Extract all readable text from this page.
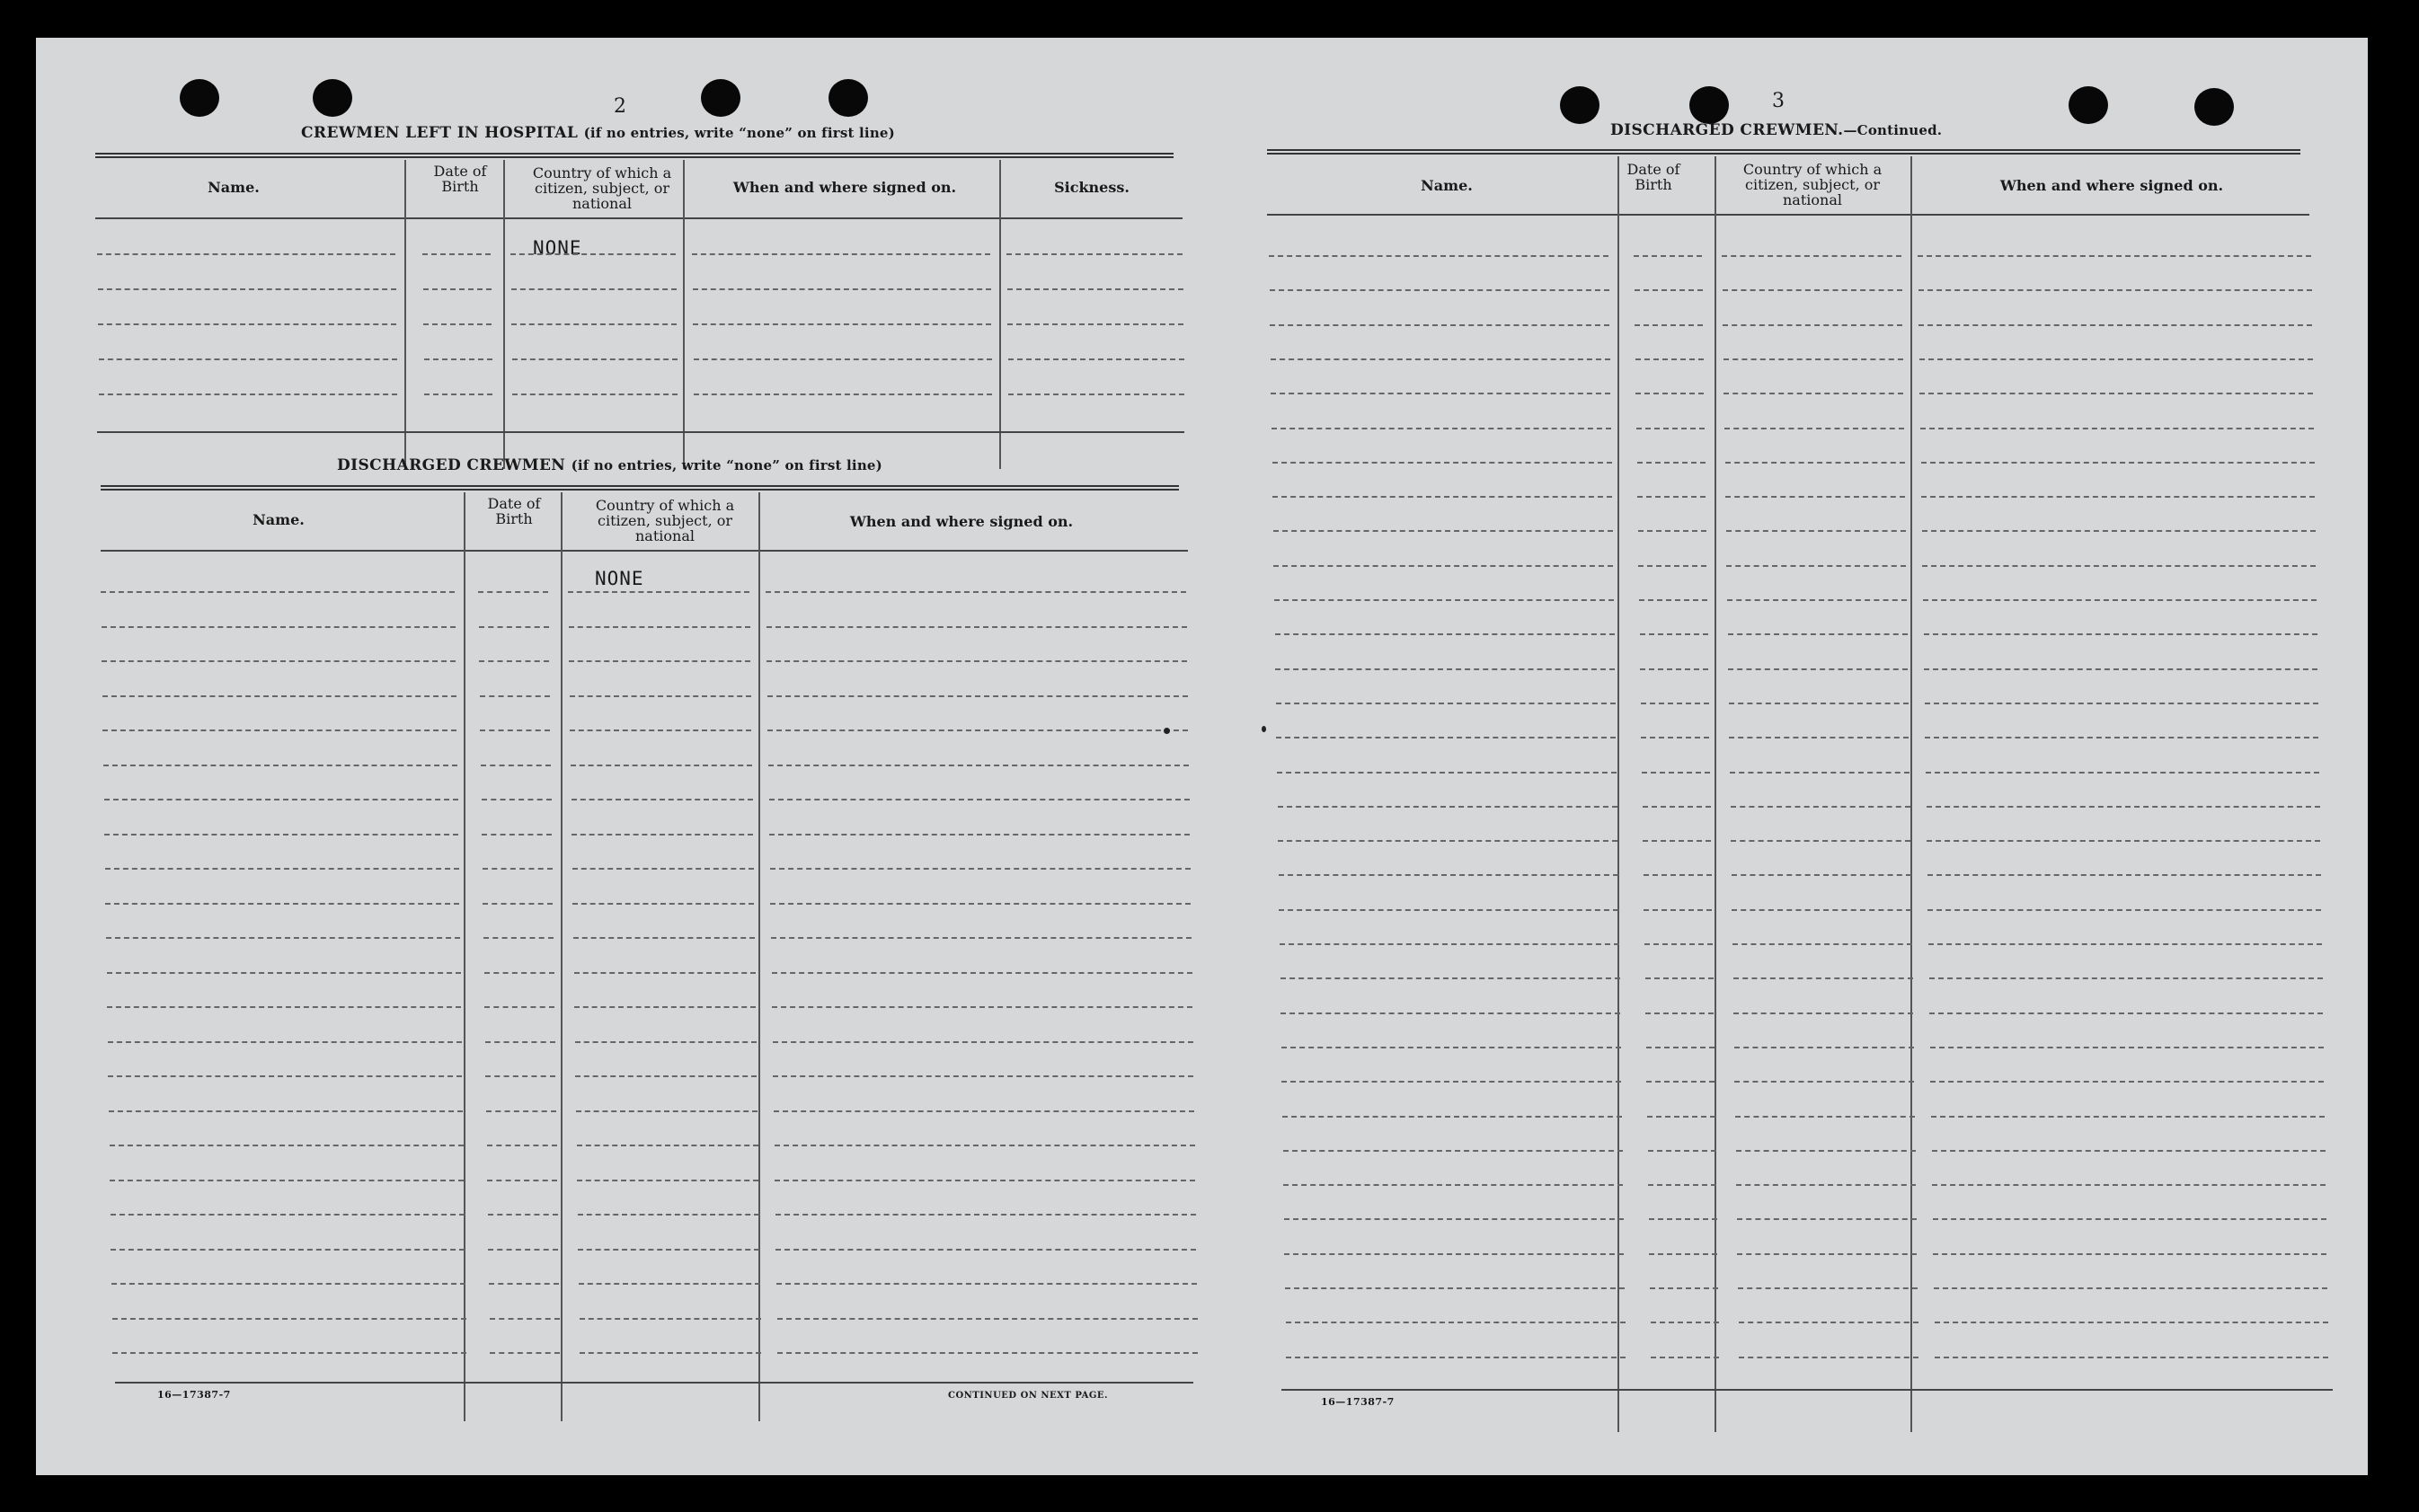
2
CREWMEN LEFT IN HOSPITAL (if no entries, write “none” on first line)
Name.
Date of Birth
Country of which a citizen, subject, or national
When and where signed on.	Sickness.
NONE
DISCHARGED CREWMEN (if no entries, write “none” on first line)
Name.
Date of Birth
Country of which a citizen, subject, or national
When and where signed on.
NONE
16—17387-7	CONTINUED ON NEXT PAGE.
3
DISCHARGED CREWMEN.—Continued.
Name.
Date of Birth
Country of which a citizen, subject, or national
When and where signed on.
16—17387-7
